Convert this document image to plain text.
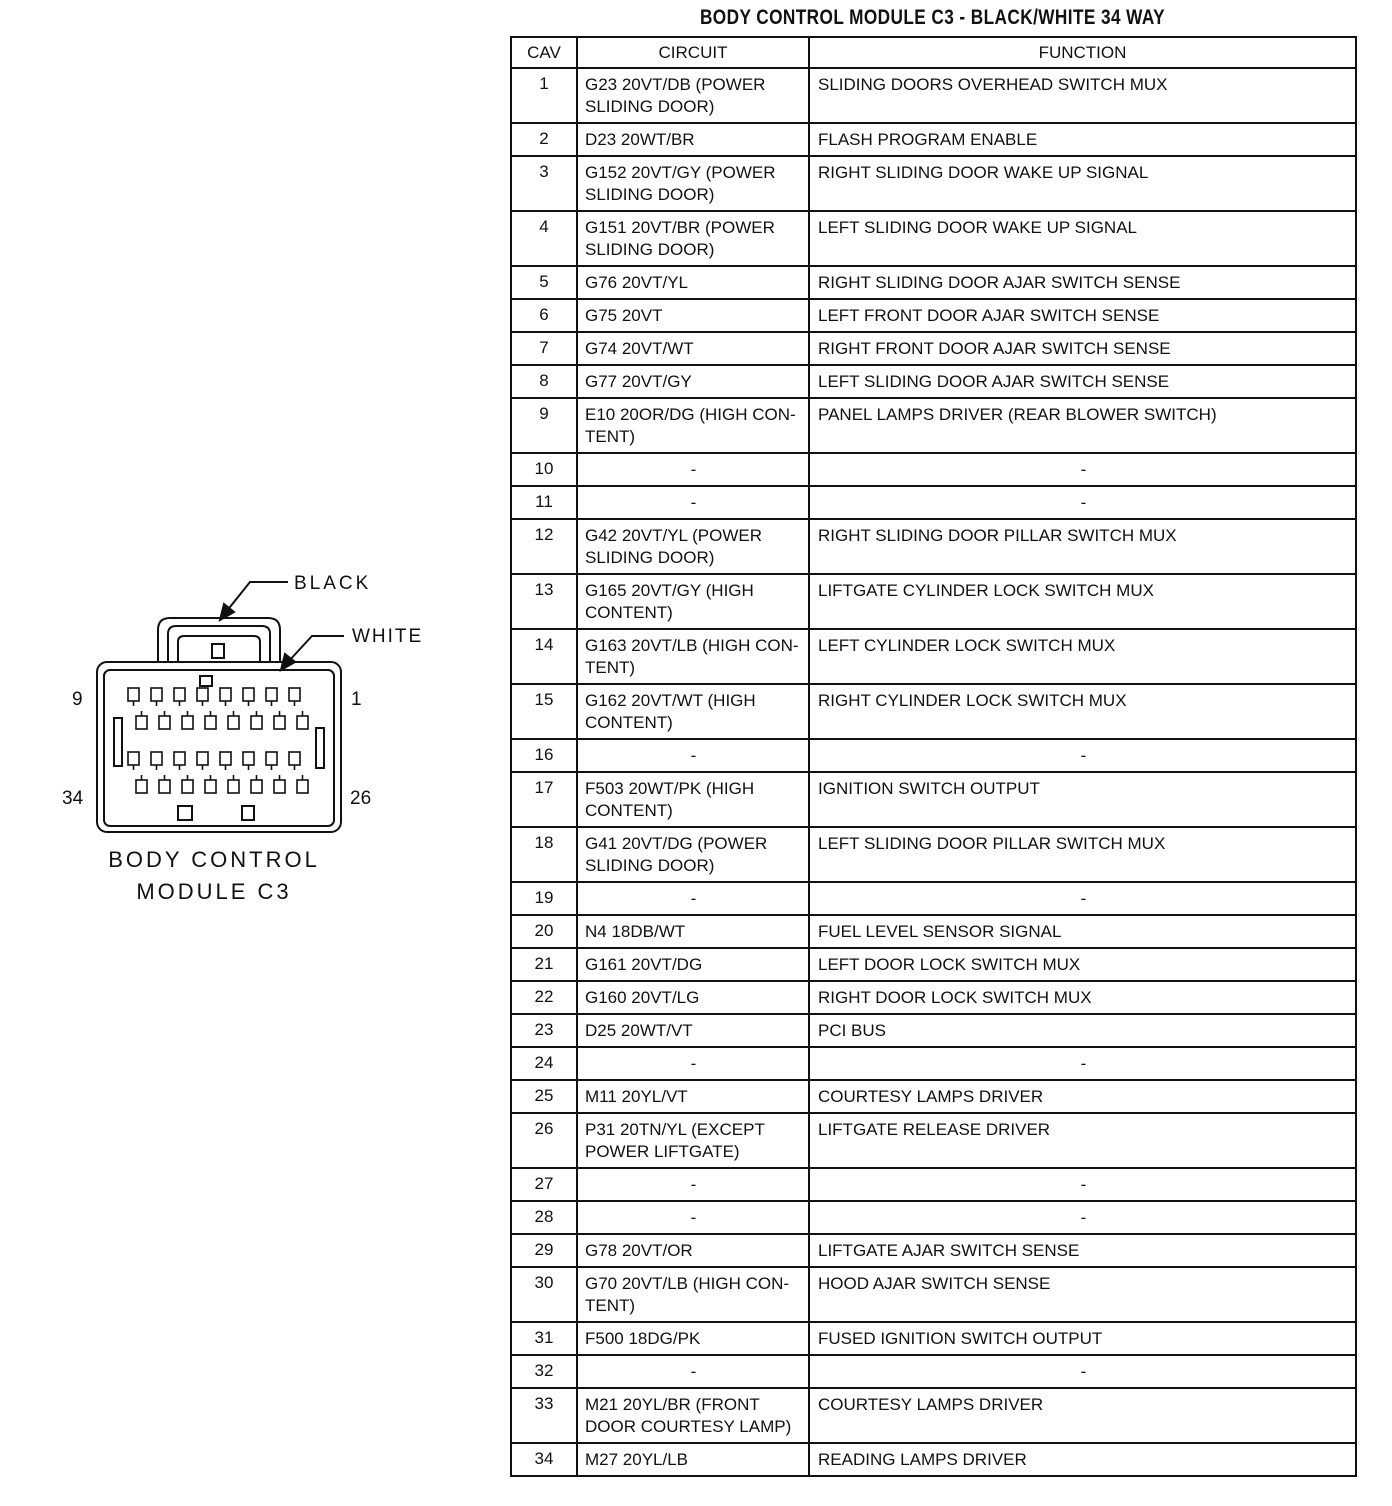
BLACK
WHITE
9	1
34	26
BODY CONTROL
MODULE C3
BODY CONTROL MODULE C3 - BLACK/WHITE 34 WAY
CAV	CIRCUIT	FUNCTION
1	G23 20VT/DB (POWER SLIDING DOOR)	SLIDING DOORS OVERHEAD SWITCH MUX
2	D23 20WT/BR	FLASH PROGRAM ENABLE
3	G152 20VT/GY (POWER SLIDING DOOR)	RIGHT SLIDING DOOR WAKE UP SIGNAL
4	G151 20VT/BR (POWER SLIDING DOOR)	LEFT SLIDING DOOR WAKE UP SIGNAL
5	G76 20VT/YL	RIGHT SLIDING DOOR AJAR SWITCH SENSE
6	G75 20VT	LEFT FRONT DOOR AJAR SWITCH SENSE
7	G74 20VT/WT	RIGHT FRONT DOOR AJAR SWITCH SENSE
8	G77 20VT/GY	LEFT SLIDING DOOR AJAR SWITCH SENSE
9	E10 20OR/DG (HIGH CON-TENT)	PANEL LAMPS DRIVER (REAR BLOWER SWITCH)
10	-	-
11	-	-
12	G42 20VT/YL (POWER SLIDING DOOR)	RIGHT SLIDING DOOR PILLAR SWITCH MUX
13	G165 20VT/GY (HIGH CONTENT)	LIFTGATE CYLINDER LOCK SWITCH MUX
14	G163 20VT/LB (HIGH CON-TENT)	LEFT CYLINDER LOCK SWITCH MUX
15	G162 20VT/WT (HIGH CONTENT)	RIGHT CYLINDER LOCK SWITCH MUX
16	-	-
17	F503 20WT/PK (HIGH CONTENT)	IGNITION SWITCH OUTPUT
18	G41 20VT/DG (POWER SLIDING DOOR)	LEFT SLIDING DOOR PILLAR SWITCH MUX
19	-	-
20	N4 18DB/WT	FUEL LEVEL SENSOR SIGNAL
21	G161 20VT/DG	LEFT DOOR LOCK SWITCH MUX
22	G160 20VT/LG	RIGHT DOOR LOCK SWITCH MUX
23	D25 20WT/VT	PCI BUS
24	-	-
25	M11 20YL/VT	COURTESY LAMPS DRIVER
26	P31 20TN/YL (EXCEPT POWER LIFTGATE)	LIFTGATE RELEASE DRIVER
27	-	-
28	-	-
29	G78 20VT/OR	LIFTGATE AJAR SWITCH SENSE
30	G70 20VT/LB (HIGH CON-TENT)	HOOD AJAR SWITCH SENSE
31	F500 18DG/PK	FUSED IGNITION SWITCH OUTPUT
32	-	-
33	M21 20YL/BR (FRONT DOOR COURTESY LAMP)	COURTESY LAMPS DRIVER
34	M27 20YL/LB	READING LAMPS DRIVER
